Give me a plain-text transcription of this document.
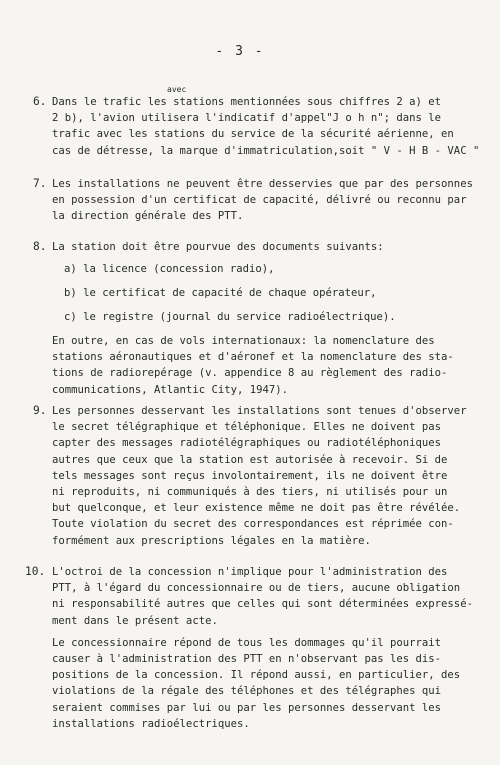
- 3 -
6.
avec
Dans le trafic les stations mentionnées sous chiffres 2 a) et
2 b), l'avion utilisera l'indicatif d'appel"J o h n"; dans le
trafic avec les stations du service de la sécurité aérienne, en
cas de détresse, la marque d'immatriculation,soit " V - H B - VAC "
7. Les installations ne peuvent être desservies que par des personnes
en possession d'un certificat de capacité, délivré ou reconnu par
la direction générale des PTT.
8. La station doit être pourvue des documents suivants:
a) la licence (concession radio),
b) le certificat de capacité de chaque opérateur,
c) le registre (journal du service radioélectrique).
En outre, en cas de vols internationaux: la nomenclature des
stations aéronautiques et d'aéronef et la nomenclature des sta-
tions de radiorepérage (v. appendice 8 au règlement des radio-
communications, Atlantic City, 1947).
9. Les personnes desservant les installations sont tenues d'observer
le secret télégraphique et téléphonique. Elles ne doivent pas
capter des messages radiotélégraphiques ou radiotéléphoniques
autres que ceux que la station est autorisée à recevoir. Si de
tels messages sont reçus involontairement, ils ne doivent être
ni reproduits, ni communiqués à des tiers, ni utilisés pour un
but quelconque, et leur existence même ne doit pas être révélée.
Toute violation du secret des correspondances est réprimée con-
formément aux prescriptions légales en la matière.
10. L'octroi de la concession n'implique pour l'administration des
PTT, à l'égard du concessionnaire ou de tiers, aucune obligation
ni responsabilité autres que celles qui sont déterminées expressé-
ment dans le présent acte.
Le concessionnaire répond de tous les dommages qu'il pourrait
causer à l'administration des PTT en n'observant pas les dis-
positions de la concession. Il répond aussi, en particulier, des
violations de la régale des téléphones et des télégraphes qui
seraient commises par lui ou par les personnes desservant les
installations radioélectriques.
